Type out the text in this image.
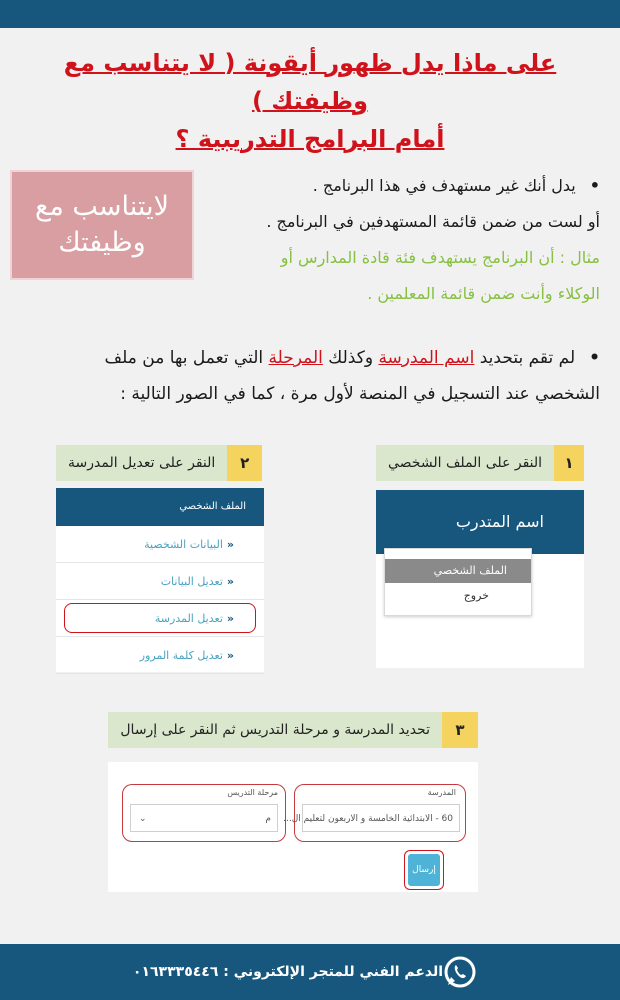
على ماذا يدل ظهور أيقونة ( لا يتناسب مع وظيفتك )
أمام البرامج التدريبية ؟
لايتناسب مع وظيفتك
•يدل أنك غير مستهدف في هذا البرنامج .
أو لست من ضمن قائمة المستهدفين في البرنامج .
مثال : أن البرنامج يستهدف فئة قادة المدارس أو
الوكلاء وأنت ضمن قائمة المعلمين .
•لم تقم بتحديد اسم المدرسة وكذلك المرحلة التي تعمل بها من ملف
الشخصي عند التسجيل في المنصة لأول مرة ، كما في الصور التالية :
١
النقر على الملف الشخصي
٢
النقر على تعديل المدرسة
اسم المتدرب
الملف الشخصي
خروج
الملف الشخصي
«البيانات الشخصية
«تعديل البيانات
«تعديل المدرسة
«تعديل كلمة المرور
٣
تحديد المدرسة و مرحلة التدريس ثم النقر على إرسال
المدرسة
60 - الابتدائية الخامسة و الاربعون لتعليم ال...
مرحلة التدريس
م
⌄
إرسال
الدعم الفني للمتجر الإلكتروني : ٠١٦٣٣٣٥٤٤٦
